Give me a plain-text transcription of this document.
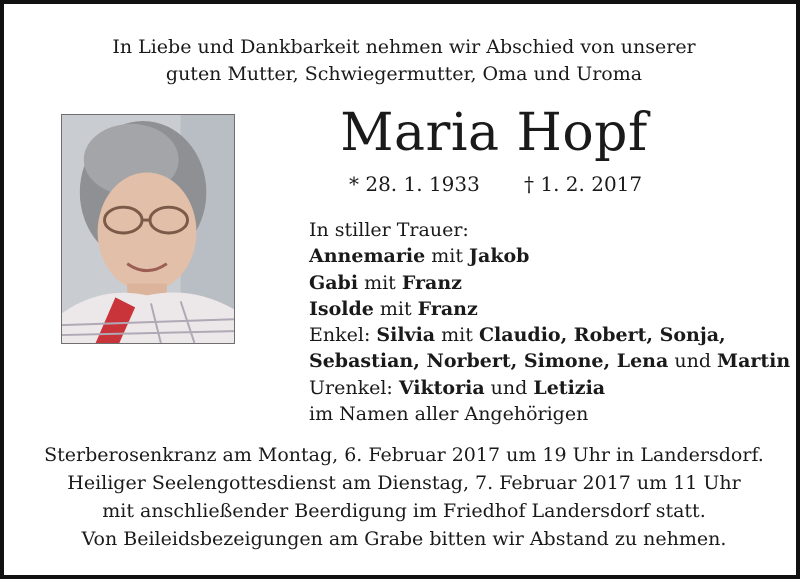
In Liebe und Dankbarkeit nehmen wir Abschied von unserer
guten Mutter, Schwiegermutter, Oma und Uroma
Maria Hopf
* 28. 1. 1933 † 1. 2. 2017
In stiller Trauer:
Annemarie mit Jakob
Gabi mit Franz
Isolde mit Franz
Enkel: Silvia mit Claudio, Robert, Sonja,
Sebastian, Norbert, Simone, Lena und Martin
Urenkel: Viktoria und Letizia
im Namen aller Angehörigen
Sterberosenkranz am Montag, 6. Februar 2017 um 19 Uhr in Landersdorf.
Heiliger Seelengottesdienst am Dienstag, 7. Februar 2017 um 11 Uhr
mit anschließender Beerdigung im Friedhof Landersdorf statt.
Von Beileidsbezeigungen am Grabe bitten wir Abstand zu nehmen.
